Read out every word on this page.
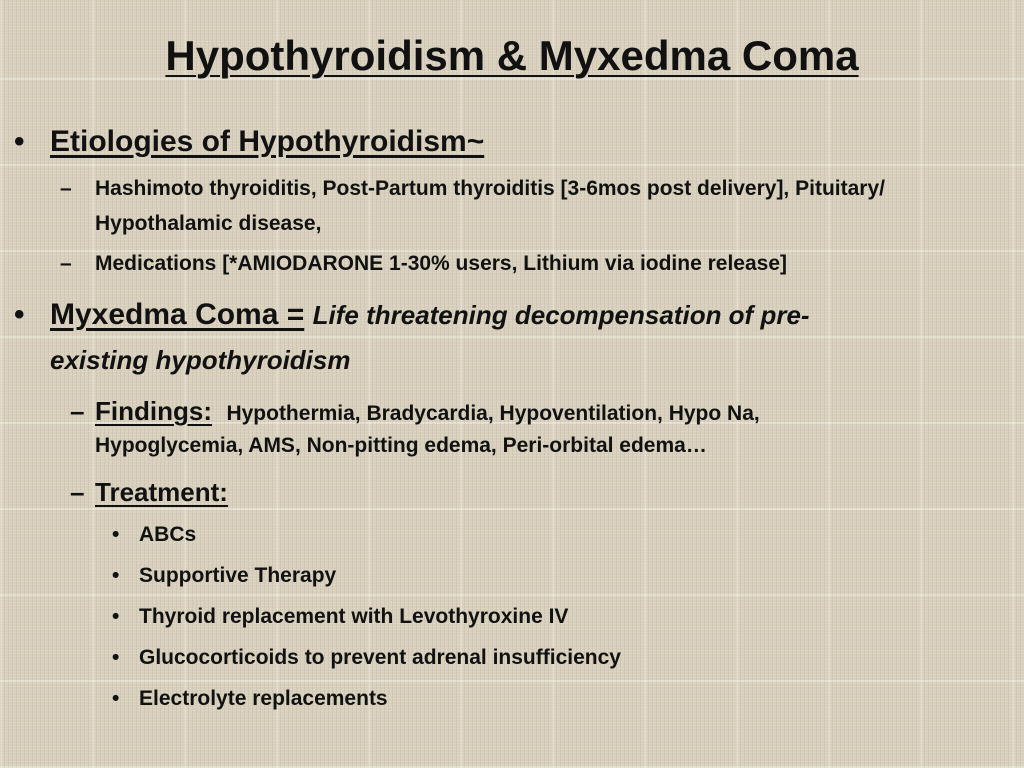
Hypothyroidism & Myxedma Coma
• Etiologies of Hypothyroidism~
– Hashimoto thyroiditis, Post-Partum thyroiditis [3-6mos post delivery], Pituitary/ Hypothalamic disease,
– Medications [*AMIODARONE 1-30% users, Lithium via iodine release]
• Myxedma Coma = Life threatening decompensation of pre-
existing hypothyroidism
– Findings: Hypothermia, Bradycardia, Hypoventilation, Hypo Na,
Hypoglycemia, AMS, Non-pitting edema, Peri-orbital edema…
– Treatment:
• ABCs
• Supportive Therapy
• Thyroid replacement with Levothyroxine IV
• Glucocorticoids to prevent adrenal insufficiency
• Electrolyte replacements
